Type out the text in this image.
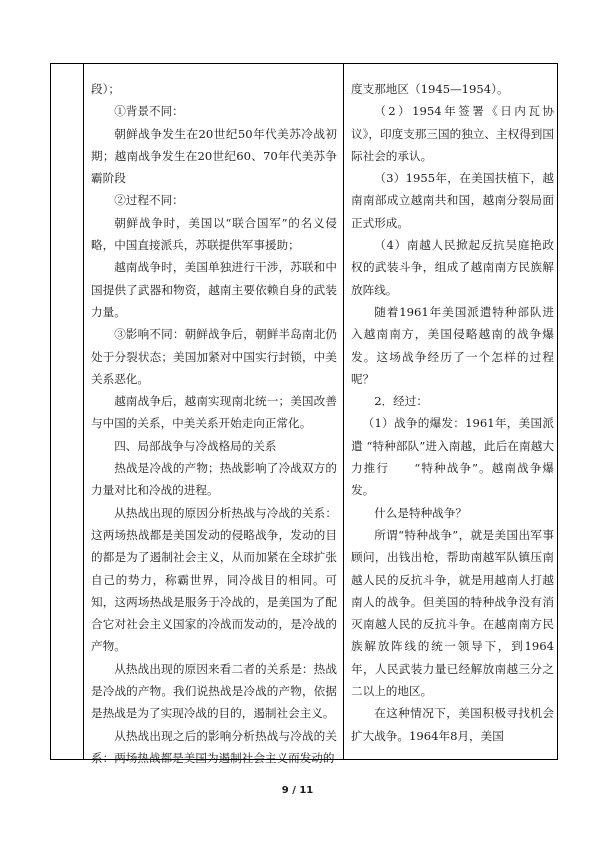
段）；

①背景不同：

朝鲜战争发生在20世纪50年代美苏冷战初期；越南战争发生在20世纪60、70年代美苏争霸阶段

②过程不同：

朝鲜战争时，美国以“联合国军”的名义侵略，中国直接派兵，苏联提供军事援助；

越南战争时，美国单独进行干涉，苏联和中国提供了武器和物资，越南主要依赖自身的武装力量。

③影响不同：朝鲜战争后，朝鲜半岛南北仍处于分裂状态；美国加紧对中国实行封锁，中美关系恶化。

越南战争后，越南实现南北统一；美国改善与中国的关系，中美关系开始走向正常化。

四、局部战争与冷战格局的关系

热战是冷战的产物；热战影响了冷战双方的力量对比和冷战的进程。

从热战出现的原因分析热战与冷战的关系：这两场热战都是美国发动的侵略战争，发动的目的都是为了遏制社会主义，从而加紧在全球扩张自己的势力，称霸世界，同冷战目的相同。可知，这两场热战是服务于冷战的，是美国为了配合它对社会主义国家的冷战而发动的，是冷战的产物。

从热战出现的原因来看二者的关系是：热战是冷战的产物。我们说热战是冷战的产物，依据是热战是为了实现冷战的目的，遏制社会主义。

从热战出现之后的影响分析热战与冷战的关系：两场热战都是美国为遏制社会主义而发动的

度支那地区（1945—1954）。

（2）1954年签署《日内瓦协议》，印度支那三国的独立、主权得到国际社会的承认。

（3）1955年，在美国扶植下，越南南部成立越南共和国，越南分裂局面正式形成。

（4）南越人民掀起反抗吴庭艳政权的武装斗争，组成了越南南方民族解放阵线。

随着1961年美国派遣特种部队进入越南南方，美国侵略越南的战争爆发。这场战争经历了一个怎样的过程呢？

2．经过：

（1）战争的爆发：1961年，美国派遣 “特种部队”进入南越，此后在南越大力推行　　“特种战争”。越南战争爆发。

什么是特种战争？

所谓“特种战争”，就是美国出军事顾问，出钱出枪，帮助南越军队镇压南越人民的反抗斗争，就是用越南人打越南人的战争。但美国的特种战争没有消灭南越人民的反抗斗争。在越南南方民族解放阵线的统一领导下，到1964年，人民武装力量已经解放南越三分之二以上的地区。

在这种情况下，美国积极寻找机会扩大战争。1964年8月，美国

9 / 11
